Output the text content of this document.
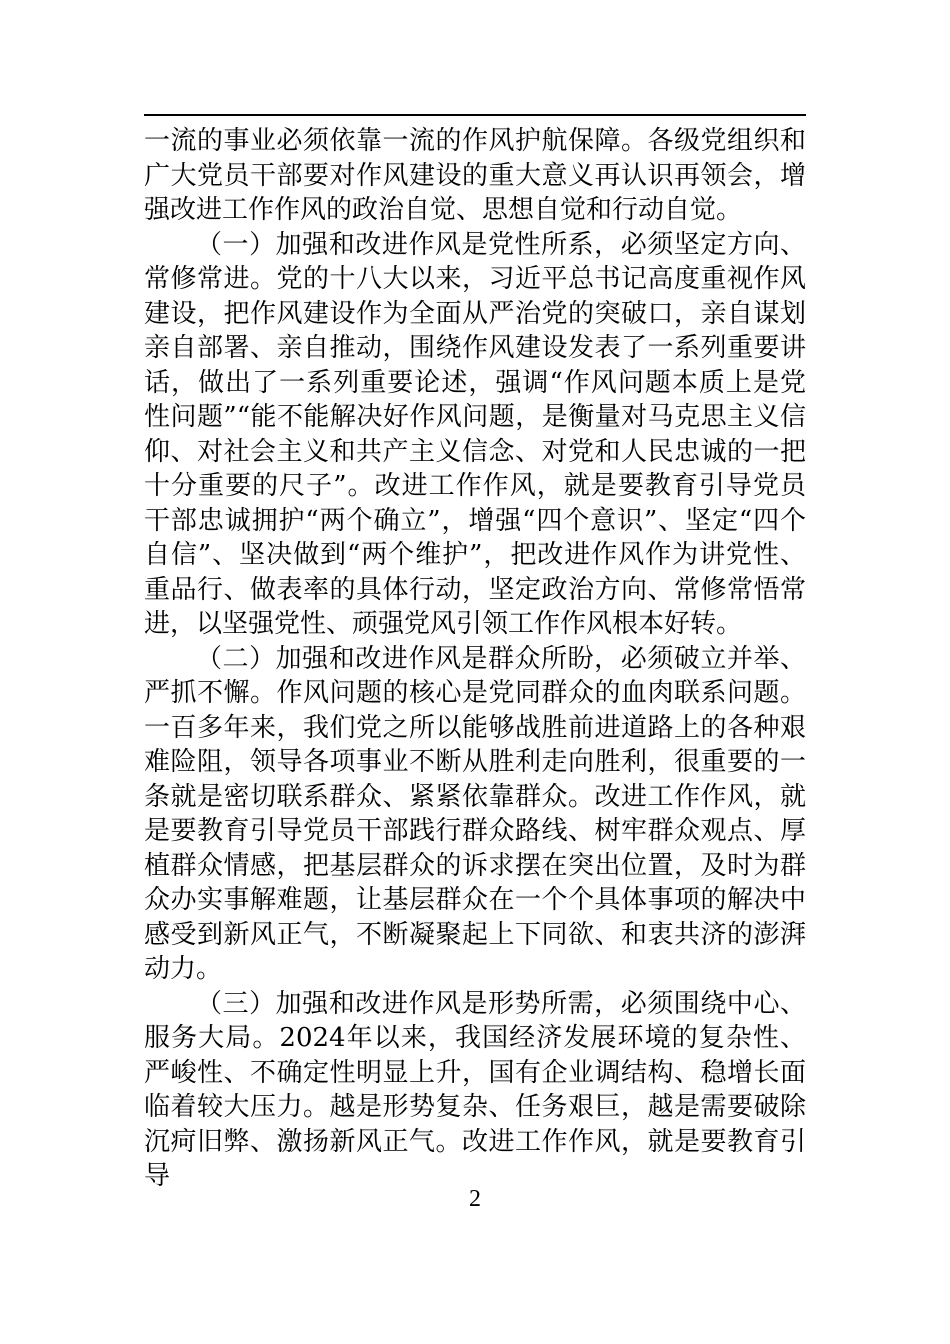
一流的事业必须依靠一流的作风护航保障。各级党组织和广大党员干部要对作风建设的重大意义再认识再领会，增强改进工作作风的政治自觉、思想自觉和行动自觉。

（一）加强和改进作风是党性所系，必须坚定方向、常修常进。党的十八大以来，习近平总书记高度重视作风建设，把作风建设作为全面从严治党的突破口，亲自谋划亲自部署、亲自推动，围绕作风建设发表了一系列重要讲话，做出了一系列重要论述，强调“作风问题本质上是党性问题”“能不能解决好作风问题，是衡量对马克思主义信仰、对社会主义和共产主义信念、对党和人民忠诚的一把十分重要的尺子”。改进工作作风，就是要教育引导党员干部忠诚拥护“两个确立”，增强“四个意识”、坚定“四个自信”、坚决做到“两个维护”，把改进作风作为讲党性、重品行、做表率的具体行动，坚定政治方向、常修常悟常进，以坚强党性、顽强党风引领工作作风根本好转。

（二）加强和改进作风是群众所盼，必须破立并举、严抓不懈。作风问题的核心是党同群众的血肉联系问题。一百多年来，我们党之所以能够战胜前进道路上的各种艰难险阻，领导各项事业不断从胜利走向胜利，很重要的一条就是密切联系群众、紧紧依靠群众。改进工作作风，就是要教育引导党员干部践行群众路线、树牢群众观点、厚植群众情感，把基层群众的诉求摆在突出位置，及时为群众办实事解难题，让基层群众在一个个具体事项的解决中感受到新风正气，不断凝聚起上下同欲、和衷共济的澎湃动力。

（三）加强和改进作风是形势所需，必须围绕中心、服务大局。2024年以来，我国经济发展环境的复杂性、严峻性、不确定性明显上升，国有企业调结构、稳增长面临着较大压力。越是形势复杂、任务艰巨，越是需要破除沉疴旧弊、激扬新风正气。改进工作作风，就是要教育引导

2
